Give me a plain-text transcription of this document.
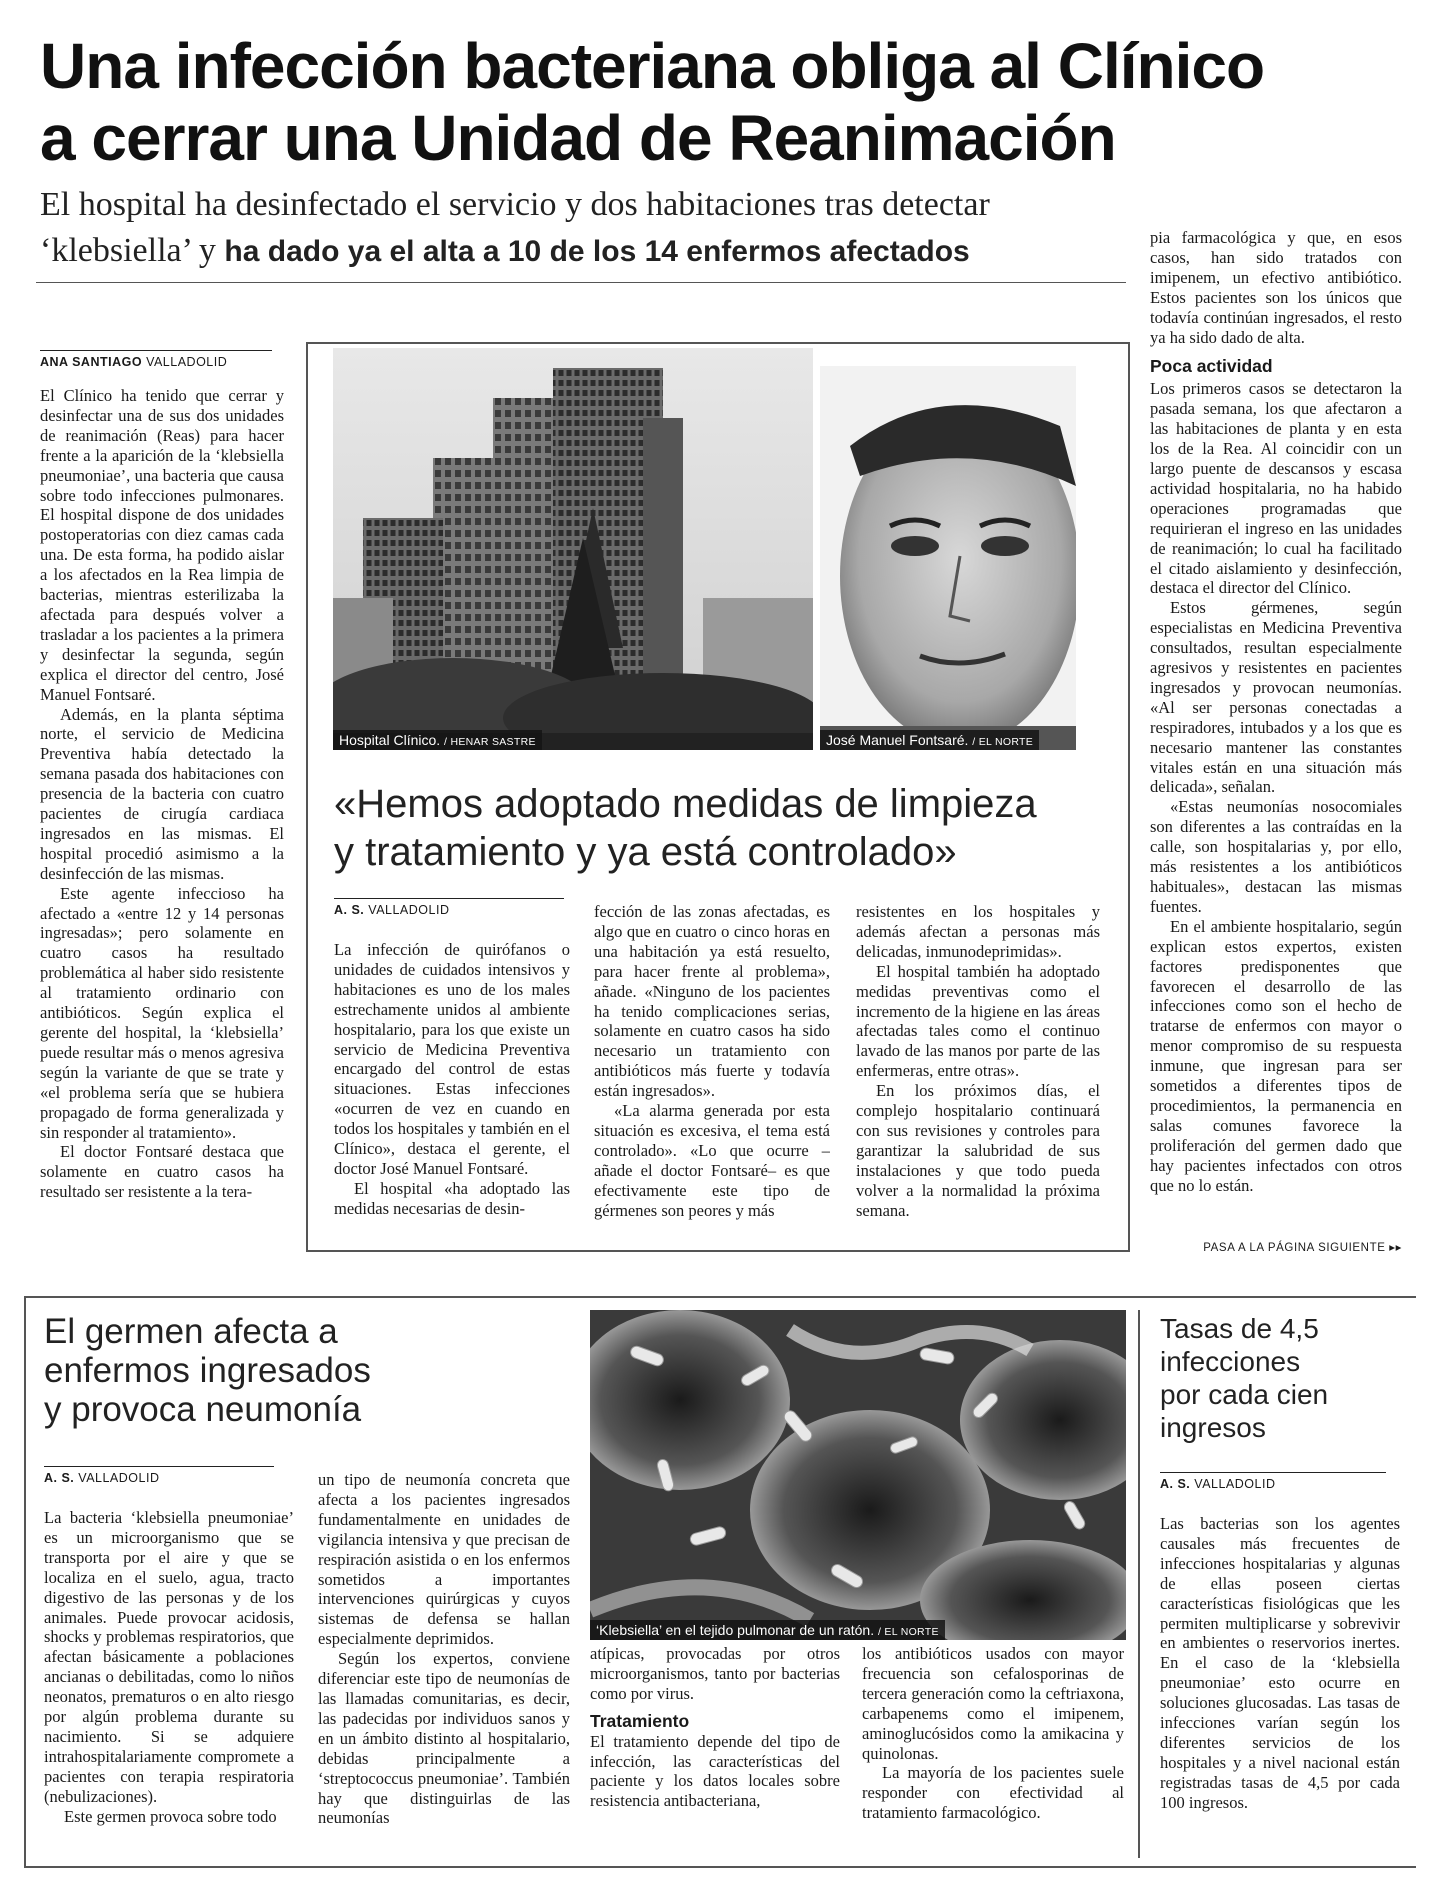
Una infección bacteriana obliga al Clínico
a cerrar una Unidad de Reanimación
El hospital ha desinfectado el servicio y dos habitaciones tras detectar
‘klebsiella’ y ha dado ya el alta a 10 de los 14 enfermos afectados
ANA SANTIAGO VALLADOLID

El Clínico ha tenido que cerrar y desinfectar una de sus dos unidades de reanimación (Reas) para hacer frente a la aparición de la ‘klebsiella pneumoniae’, una bacteria que causa sobre todo infecciones pulmonares. El hospital dispone de dos unidades postoperatorias con diez camas cada una. De esta forma, ha podido aislar a los afectados en la Rea limpia de bacterias, mientras esterilizaba la afectada para después volver a trasladar a los pacientes a la primera y desinfectar la segunda, según explica el director del centro, José Manuel Fontsaré.

Además, en la planta séptima norte, el servicio de Medicina Preventiva había detectado la semana pasada dos habitaciones con presencia de la bacteria con cuatro pacientes de cirugía cardiaca ingresados en las mismas. El hospital procedió asimismo a la desinfección de las mismas.

Este agente infeccioso ha afectado a «entre 12 y 14 personas ingresadas»; pero solamente en cuatro casos ha resultado problemática al haber sido resistente al tratamiento ordinario con antibióticos. Según explica el gerente del hospital, la ‘klebsiella’ puede resultar más o menos agresiva según la variante de que se trate y «el problema sería que se hubiera propagado de forma generalizada y sin responder al tratamiento».

El doctor Fontsaré destaca que solamente en cuatro casos ha resultado ser resistente a la tera-

Hospital Clínico. / HENAR SASTRE	José Manuel Fontsaré. / EL NORTE
«Hemos adoptado medidas de limpieza
y tratamiento y ya está controlado»
A. S. VALLADOLID

La infección de quirófanos o unidades de cuidados intensivos y habitaciones es uno de los males estrechamente unidos al ambiente hospitalario, para los que existe un servicio de Medicina Preventiva encargado del control de estas situaciones. Estas infecciones «ocurren de vez en cuando en todos los hospitales y también en el Clínico», destaca el gerente, el doctor José Manuel Fontsaré.

El hospital «ha adoptado las medidas necesarias de desin-

fección de las zonas afectadas, es algo que en cuatro o cinco horas en una habitación ya está resuelto, para hacer frente al problema», añade. «Ninguno de los pacientes ha tenido complicaciones serias, solamente en cuatro casos ha sido necesario un tratamiento con antibióticos más fuerte y todavía están ingresados».

«La alarma generada por esta situación es excesiva, el tema está controlado». «Lo que ocurre –añade el doctor Fontsaré– es que efectivamente este tipo de gérmenes son peores y más

resistentes en los hospitales y además afectan a personas más delicadas, inmunodeprimidas».

El hospital también ha adoptado medidas preventivas como el incremento de la higiene en las áreas afectadas tales como el continuo lavado de las manos por parte de las enfermeras, entre otras».

En los próximos días, el complejo hospitalario continuará con sus revisiones y controles para garantizar la salubridad de sus instalaciones y que todo pueda volver a la normalidad la próxima semana.

pia farmacológica y que, en esos casos, han sido tratados con imipenem, un efectivo antibiótico. Estos pacientes son los únicos que todavía continúan ingresados, el resto ya ha sido dado de alta.

Poca actividad

Los primeros casos se detectaron la pasada semana, los que afectaron a las habitaciones de planta y en esta los de la Rea. Al coincidir con un largo puente de descansos y escasa actividad hospitalaria, no ha habido operaciones programadas que requirieran el ingreso en las unidades de reanimación; lo cual ha facilitado el citado aislamiento y desinfección, destaca el director del Clínico.

Estos gérmenes, según especialistas en Medicina Preventiva consultados, resultan especialmente agresivos y resistentes en pacientes ingresados y provocan neumonías. «Al ser personas conectadas a respiradores, intubados y a los que es necesario mantener las constantes vitales están en una situación más delicada», señalan.

«Estas neumonías nosocomiales son diferentes a las contraídas en la calle, son hospitalarias y, por ello, más resistentes a los antibióticos habituales», destacan las mismas fuentes.

En el ambiente hospitalario, según explican estos expertos, existen factores predisponentes que favorecen el desarrollo de las infecciones como son el hecho de tratarse de enfermos con mayor o menor compromiso de su respuesta inmune, que ingresan para ser sometidos a diferentes tipos de procedimientos, la permanencia en salas comunes favorece la proliferación del germen dado que hay pacientes infectados con otros que no lo están.

PASA A LA PÁGINA SIGUIENTE ▸▸
El germen afecta a
enfermos ingresados
y provoca neumonía
A. S. VALLADOLID

La bacteria ‘klebsiella pneumoniae’ es un microorganismo que se transporta por el aire y que se localiza en el suelo, agua, tracto digestivo de las personas y de los animales. Puede provocar acidosis, shocks y problemas respiratorios, que afectan básicamente a poblaciones ancianas o debilitadas, como lo niños neonatos, prematuros o en alto riesgo por algún problema durante su nacimiento. Si se adquiere intrahospitalariamente compromete a pacientes con terapia respiratoria (nebulizaciones).

Este germen provoca sobre todo

un tipo de neumonía concreta que afecta a los pacientes ingresados fundamentalmente en unidades de vigilancia intensiva y que precisan de respiración asistida o en los enfermos sometidos a importantes intervenciones quirúrgicas y cuyos sistemas de defensa se hallan especialmente deprimidos.

Según los expertos, conviene diferenciar este tipo de neumonías de las llamadas comunitarias, es decir, las padecidas por individuos sanos y en un ámbito distinto al hospitalario, debidas principalmente a ‘streptococcus pneumoniae’. También hay que distinguirlas de las neumonías

‘Klebsiella’ en el tejido pulmonar de un ratón. / EL NORTE

atípicas, provocadas por otros microorganismos, tanto por bacterias como por virus.

Tratamiento

El tratamiento depende del tipo de infección, las características del paciente y los datos locales sobre resistencia antibacteriana,

los antibióticos usados con mayor frecuencia son cefalosporinas de tercera generación como la ceftriaxona, carbapenems como el imipenem, aminoglucósidos como la amikacina y quinolonas.

La mayoría de los pacientes suele responder con efectividad al tratamiento farmacológico.

Tasas de 4,5
infecciones
por cada cien
ingresos
A. S. VALLADOLID

Las bacterias son los agentes causales más frecuentes de infecciones hospitalarias y algunas de ellas poseen ciertas características fisiológicas que les permiten multiplicarse y sobrevivir en ambientes o reservorios inertes. En el caso de la ‘klebsiella pneumoniae’ esto ocurre en soluciones glucosadas. Las tasas de infecciones varían según los diferentes servicios de los hospitales y a nivel nacional están registradas tasas de 4,5 por cada 100 ingresos.
